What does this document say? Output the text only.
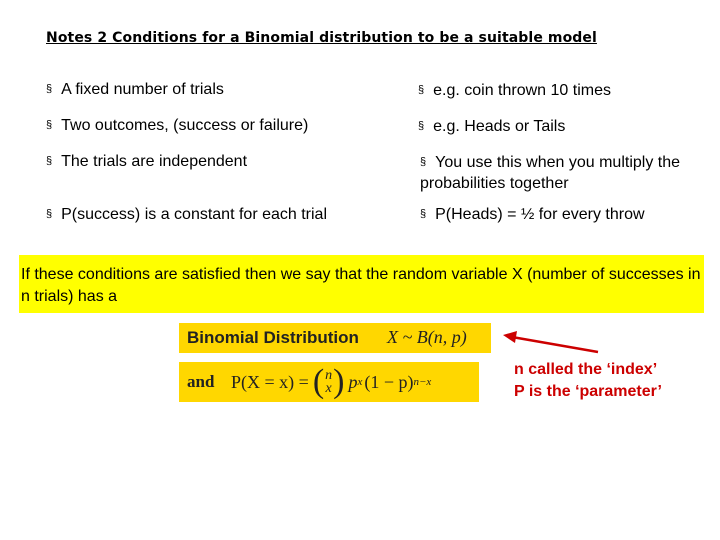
Notes 2 Conditions for a Binomial distribution to be a suitable model
§ A fixed number of trials
§ Two outcomes, (success or failure)
§ The trials are independent
§ P(success) is a constant for each trial
§ e.g. coin thrown 10 times
§ e.g. Heads or Tails
§ You use this when you multiply the probabilities together
§ P(Heads) = ½ for every throw
If these conditions are satisfied then we say that the random variable X (number of successes in n trials) has a
Binomial Distribution X ~ B(n, p)
and P(X = x) = ( n
x ) p x (1 − p) n−x
n called the ‘index’
P is the ‘parameter’
